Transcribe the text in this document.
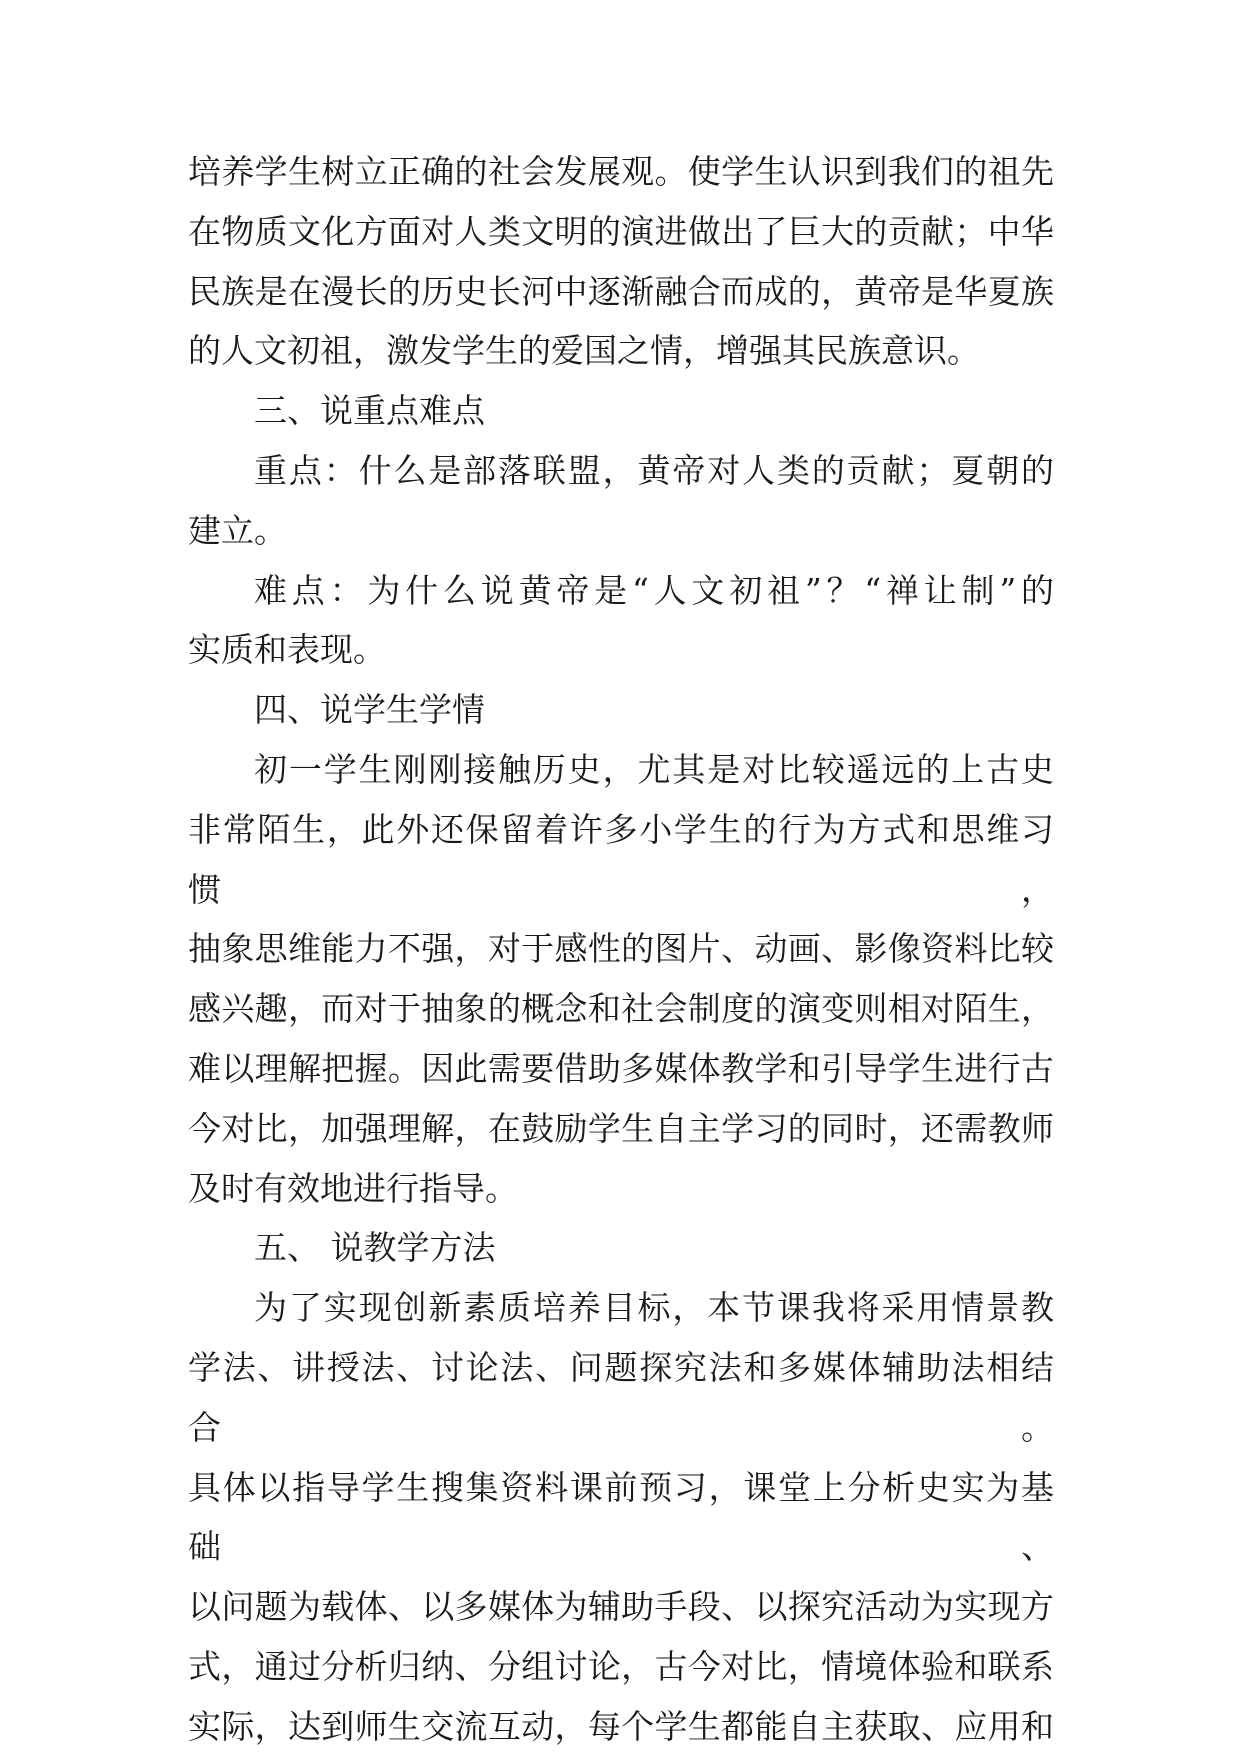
培养学生树立正确的社会发展观。使学生认识到我们的祖先
在物质文化方面对人类文明的演进做出了巨大的贡献；中华
民族是在漫长的历史长河中逐渐融合而成的，黄帝是华夏族
的人文初祖，激发学生的爱国之情，增强其民族意识。

三、说重点难点

重点：什么是部落联盟，黄帝对人类的贡献；夏朝的
建立。

难点：为什么说黄帝是“人文初祖”？“禅让制”的
实质和表现。

四、说学生学情

初一学生刚刚接触历史，尤其是对比较遥远的上古史
非常陌生，此外还保留着许多小学生的行为方式和思维习惯，
抽象思维能力不强，对于感性的图片、动画、影像资料比较
感兴趣，而对于抽象的概念和社会制度的演变则相对陌生，
难以理解把握。因此需要借助多媒体教学和引导学生进行古
今对比，加强理解，在鼓励学生自主学习的同时，还需教师
及时有效地进行指导。

五、 说教学方法

为了实现创新素质培养目标，本节课我将采用情景教
学法、讲授法、讨论法、问题探究法和多媒体辅助法相结合。
具体以指导学生搜集资料课前预习，课堂上分析史实为基础、
以问题为载体、以多媒体为辅助手段、以探究活动为实现方
式，通过分析归纳、分组讨论，古今对比，情境体验和联系
实际，达到师生交流互动，每个学生都能自主获取、应用和
